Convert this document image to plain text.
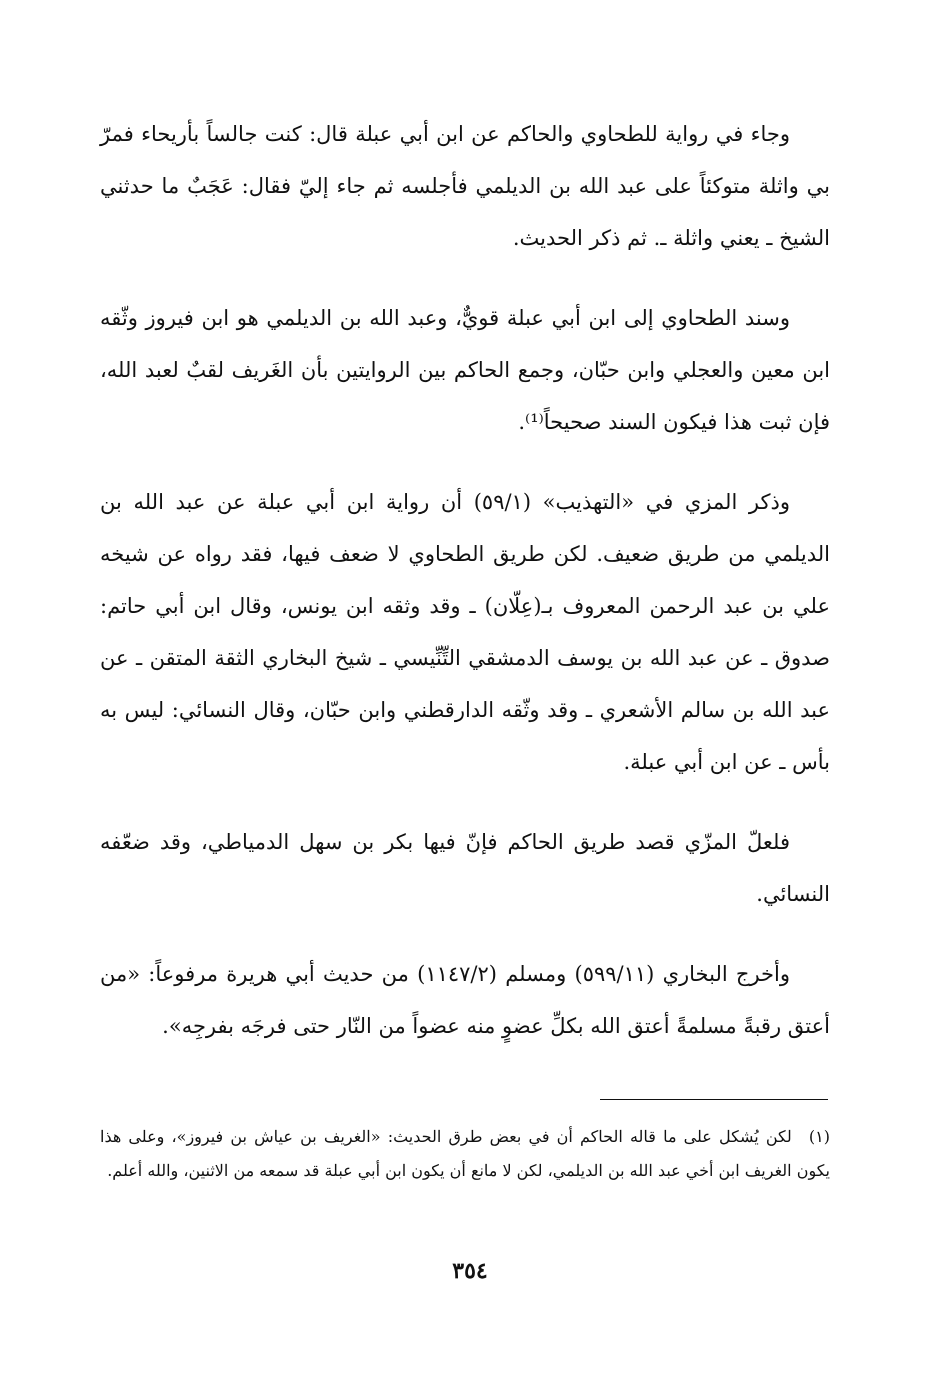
وجاء في رواية للطحاوي والحاكم عن ابن أبي عبلة قال: كنت جالساً بأريحاء فمرّ بي واثلة متوكئاً على عبد الله بن الديلمي فأجلسه ثم جاء إليّ فقال: عَجَبٌ ما حدثني الشيخ ـ يعني واثلة ـ. ثم ذكر الحديث.

وسند الطحاوي إلى ابن أبي عبلة قويٌّ، وعبد الله بن الديلمي هو ابن فيروز وثّقه ابن معين والعجلي وابن حبّان، وجمع الحاكم بين الروايتين بأن الغَريف لقبٌ لعبد الله، فإن ثبت هذا فيكون السند صحيحاً⁽¹⁾.

وذكر المزي في «التهذيب» (٥٩/١) أن رواية ابن أبي عبلة عن عبد الله بن الديلمي من طريق ضعيف. لكن طريق الطحاوي لا ضعف فيها، فقد رواه عن شيخه علي بن عبد الرحمن المعروف بـ(عِلّان) ـ وقد وثقه ابن يونس، وقال ابن أبي حاتم: صدوق ـ عن عبد الله بن يوسف الدمشقي التِّنِّيسي ـ شيخ البخاري الثقة المتقن ـ عن عبد الله بن سالم الأشعري ـ وقد وثّقه الدارقطني وابن حبّان، وقال النسائي: ليس به بأس ـ عن ابن أبي عبلة.

فلعلّ المزّي قصد طريق الحاكم فإنّ فيها بكر بن سهل الدمياطي، وقد ضعّفه النسائي.

وأخرج البخاري (٥٩٩/١١) ومسلم (١١٤٧/٢) من حديث أبي هريرة مرفوعاً: «من أعتق رقبةً مسلمةً أعتق الله بكلِّ عضوٍ منه عضواً من النّار حتى فرجَه بفرجِه».

(١) لكن يُشكل على ما قاله الحاكم أن في بعض طرق الحديث: «الغريف بن عياش بن فيروز»، وعلى هذا يكون الغريف ابن أخي عبد الله بن الديلمي، لكن لا مانع أن يكون ابن أبي عبلة قد سمعه من الاثنين، والله أعلم.
٣٥٤
